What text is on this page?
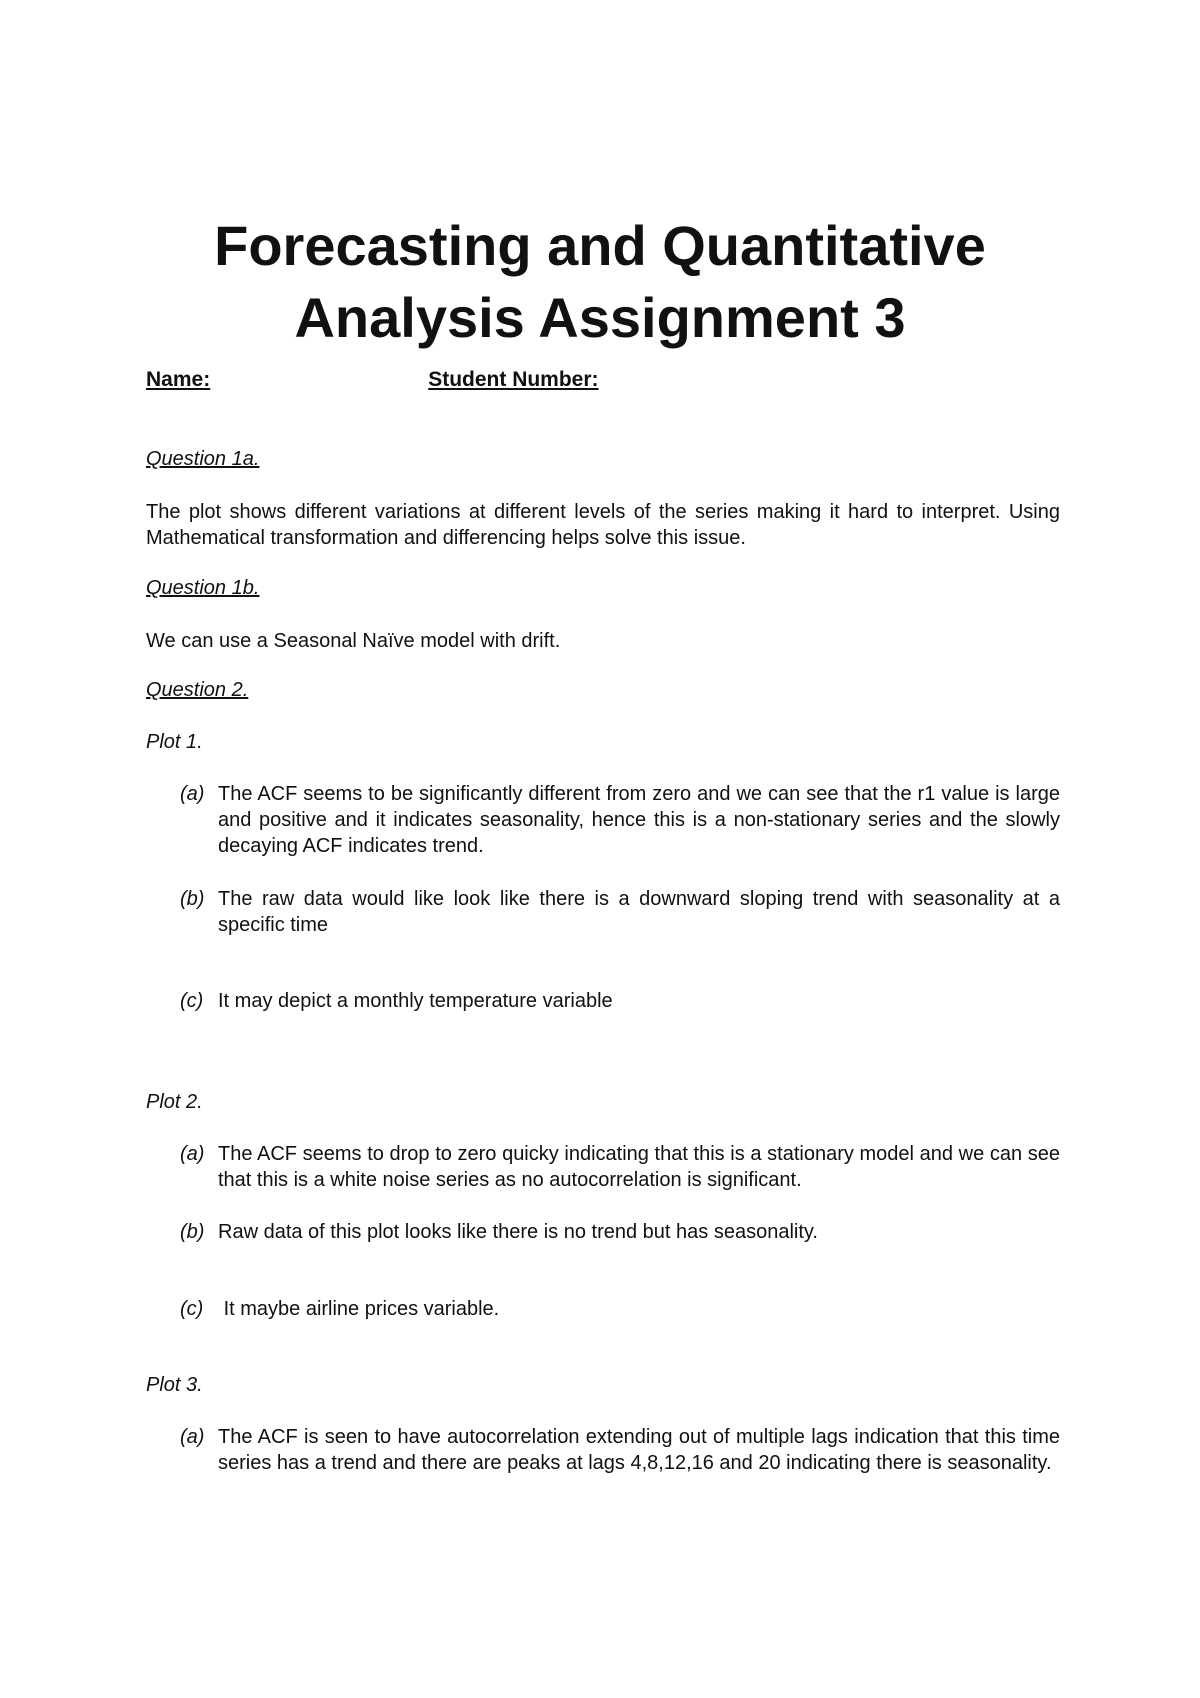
Forecasting and Quantitative
Analysis Assignment 3
Name:	Student Number:
Question 1a.
The plot shows different variations at different levels of the series making it hard to interpret. Using Mathematical transformation and differencing helps solve this issue.
Question 1b.
We can use a Seasonal Naïve model with drift.
Question 2.
Plot 1.
(a) The ACF seems to be significantly different from zero and we can see that the r1 value is large and positive and it indicates seasonality, hence this is a non-stationary series and the slowly decaying ACF indicates trend.
(b) The raw data would like look like there is a downward sloping trend with seasonality at a specific time
(c) It may depict a monthly temperature variable
Plot 2.
(a) The ACF seems to drop to zero quicky indicating that this is a stationary model and we can see that this is a white noise series as no autocorrelation is significant.
(b) Raw data of this plot looks like there is no trend but has seasonality.
(c) It maybe airline prices variable.
Plot 3.
(a) The ACF is seen to have autocorrelation extending out of multiple lags indication that this time series has a trend and there are peaks at lags 4,8,12,16 and 20 indicating there is seasonality.
